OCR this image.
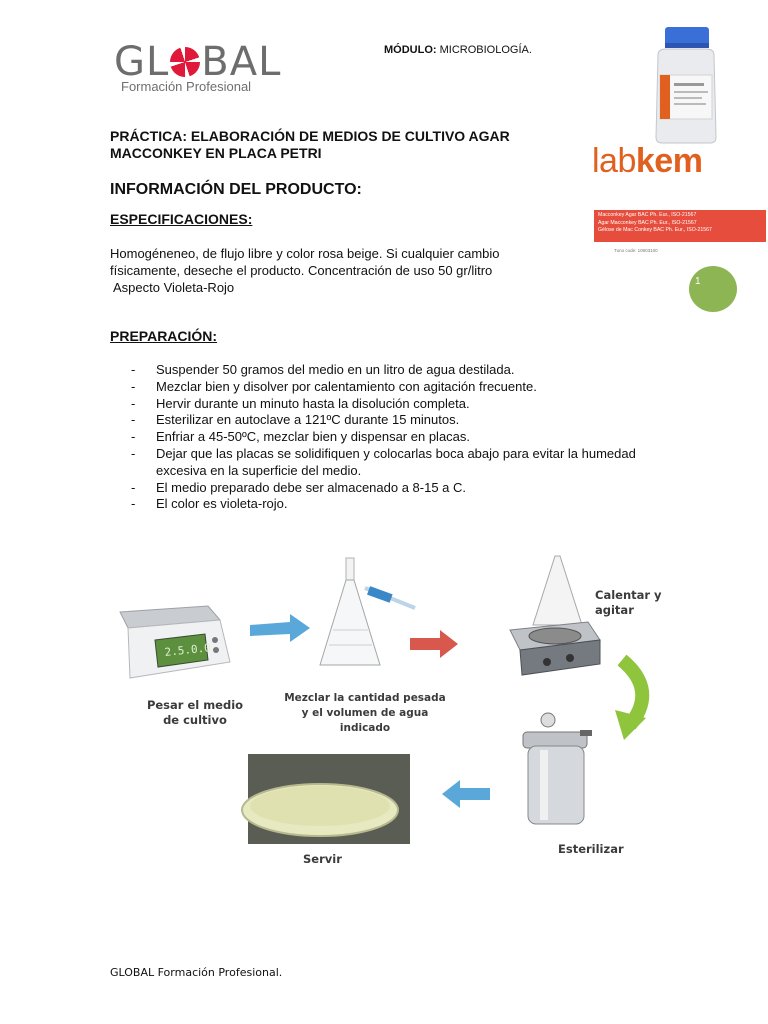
GL BAL
Formación Profesional
MÓDULO: MICROBIOLOGÍA.
PRÁCTICA: ELABORACIÓN DE MEDIOS DE CULTIVO AGAR MACCONKEY EN PLACA PETRI
INFORMACIÓN DEL PRODUCTO:
ESPECIFICACIONES:
Homogéneneo, de flujo libre y color rosa beige. Si cualquier cambio físicamente, deseche el producto. Concentración de uso 50 gr/litro
Aspecto Violeta-Rojo
PREPARACIÓN:
- Suspender 50 gramos del medio en un litro de agua destilada.
- Mezclar bien y disolver por calentamiento con agitación frecuente.
- Hervir durante un minuto hasta la disolución completa.
- Esterilizar en autoclave a 121ºC durante 15 minutos.
- Enfriar a 45-50ºC, mezclar bien y dispensar en placas.
- Dejar que las placas se solidifiquen y colocarlas boca abajo para evitar la humedad excesiva en la superficie del medio.
- El medio preparado debe ser almacenado a 8-15 a C.
- El color es violeta-rojo.
labkem
Macconkey Agar BAC Ph. Eur., ISO-21567
Agar Macconkey BAC Ph. Eur., ISO-21567
Gélose de Mac Conkey BAC Ph. Eur., ISO-21567
Tuno code: 10603100
1
2.5.0.0
Pesar el medio de cultivo
Mezclar la cantidad pesada y el volumen de agua indicado
Calentar y agitar
Esterilizar
Servir
GLOBAL Formación Profesional.
